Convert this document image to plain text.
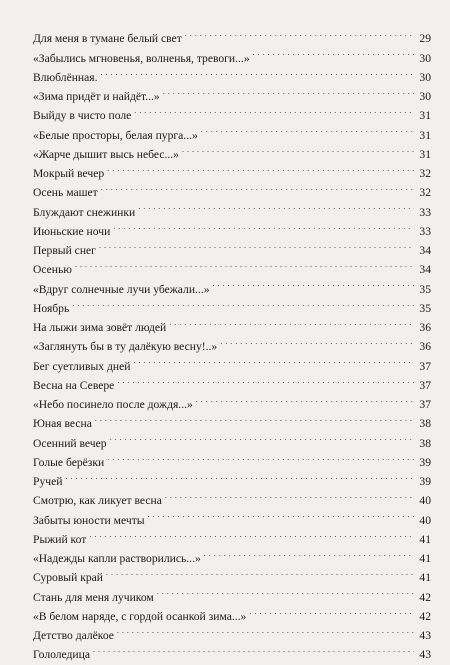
Для меня в тумане белый свет . . .	29
«Забылись мгновенья, волненья, тревоги...» . . .	30
Влюблённая. . . .	30
«Зима придёт и найдёт...» . . .	30
Выйду в чисто поле . . .	31
«Белые просторы, белая пурга...» . . .	31
«Жарче дышит высь небес...» . . .	31
Мокрый вечер . . .	32
Осень машет . . .	32
Блуждают снежинки . . .	33
Июньские ночи . . .	33
Первый снег . . .	34
Осенью . . .	34
«Вдруг солнечные лучи убежали...» . . .	35
Ноябрь . . .	35
На лыжи зима зовёт людей . . .	36
«Заглянуть бы в ту далёкую весну!..» . . .	36
Бег суетливых дней . . .	37
Весна на Севере . . .	37
«Небо посинело после дождя...» . . .	37
Юная весна . . .	38
Осенний вечер . . .	38
Голые берёзки . . .	39
Ручей . . .	39
Смотрю, как ликует весна . . .	40
Забыты юности мечты . . .	40
Рыжий кот . . .	41
«Надежды капли растворились...» . . .	41
Суровый край . . .	41
Стань для меня лучиком . . .	42
«В белом наряде, с гордой осанкой зима...» . . .	42
Детство далёкое . . .	43
Гололедица . . .	43
